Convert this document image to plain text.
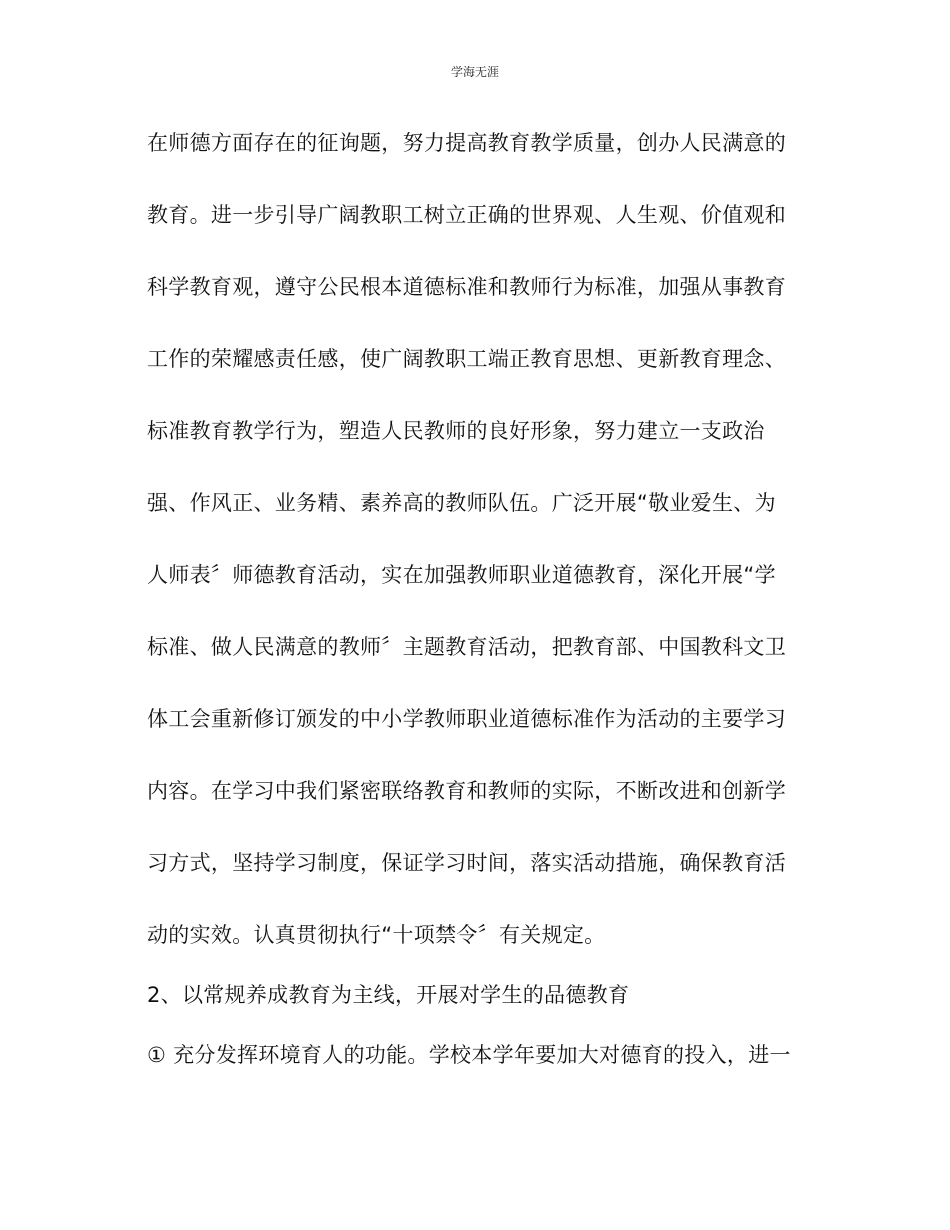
学海无涯
在师德方面存在的征询题，努力提高教育教学质量，创办人民满意的
教育。进一步引导广阔教职工树立正确的世界观、人生观、价值观和
科学教育观，遵守公民根本道德标准和教师行为标准，加强从事教育
工作的荣耀感责任感，使广阔教职工端正教育思想、更新教育理念、
标准教育教学行为，塑造人民教师的良好形象，努力建立一支政治
强、作风正、业务精、素养高的教师队伍。广泛开展“敬业爱生、为
人师表〞师德教育活动，实在加强教师职业道德教育，深化开展“学
标准、做人民满意的教师〞主题教育活动，把教育部、中国教科文卫
体工会重新修订颁发的中小学教师职业道德标准作为活动的主要学习
内容。在学习中我们紧密联络教育和教师的实际，不断改进和创新学
习方式，坚持学习制度，保证学习时间，落实活动措施，确保教育活
动的实效。认真贯彻执行“十项禁令〞有关规定。
2、以常规养成教育为主线，开展对学生的品德教育
① 充分发挥环境育人的功能。学校本学年要加大对德育的投入，进一
